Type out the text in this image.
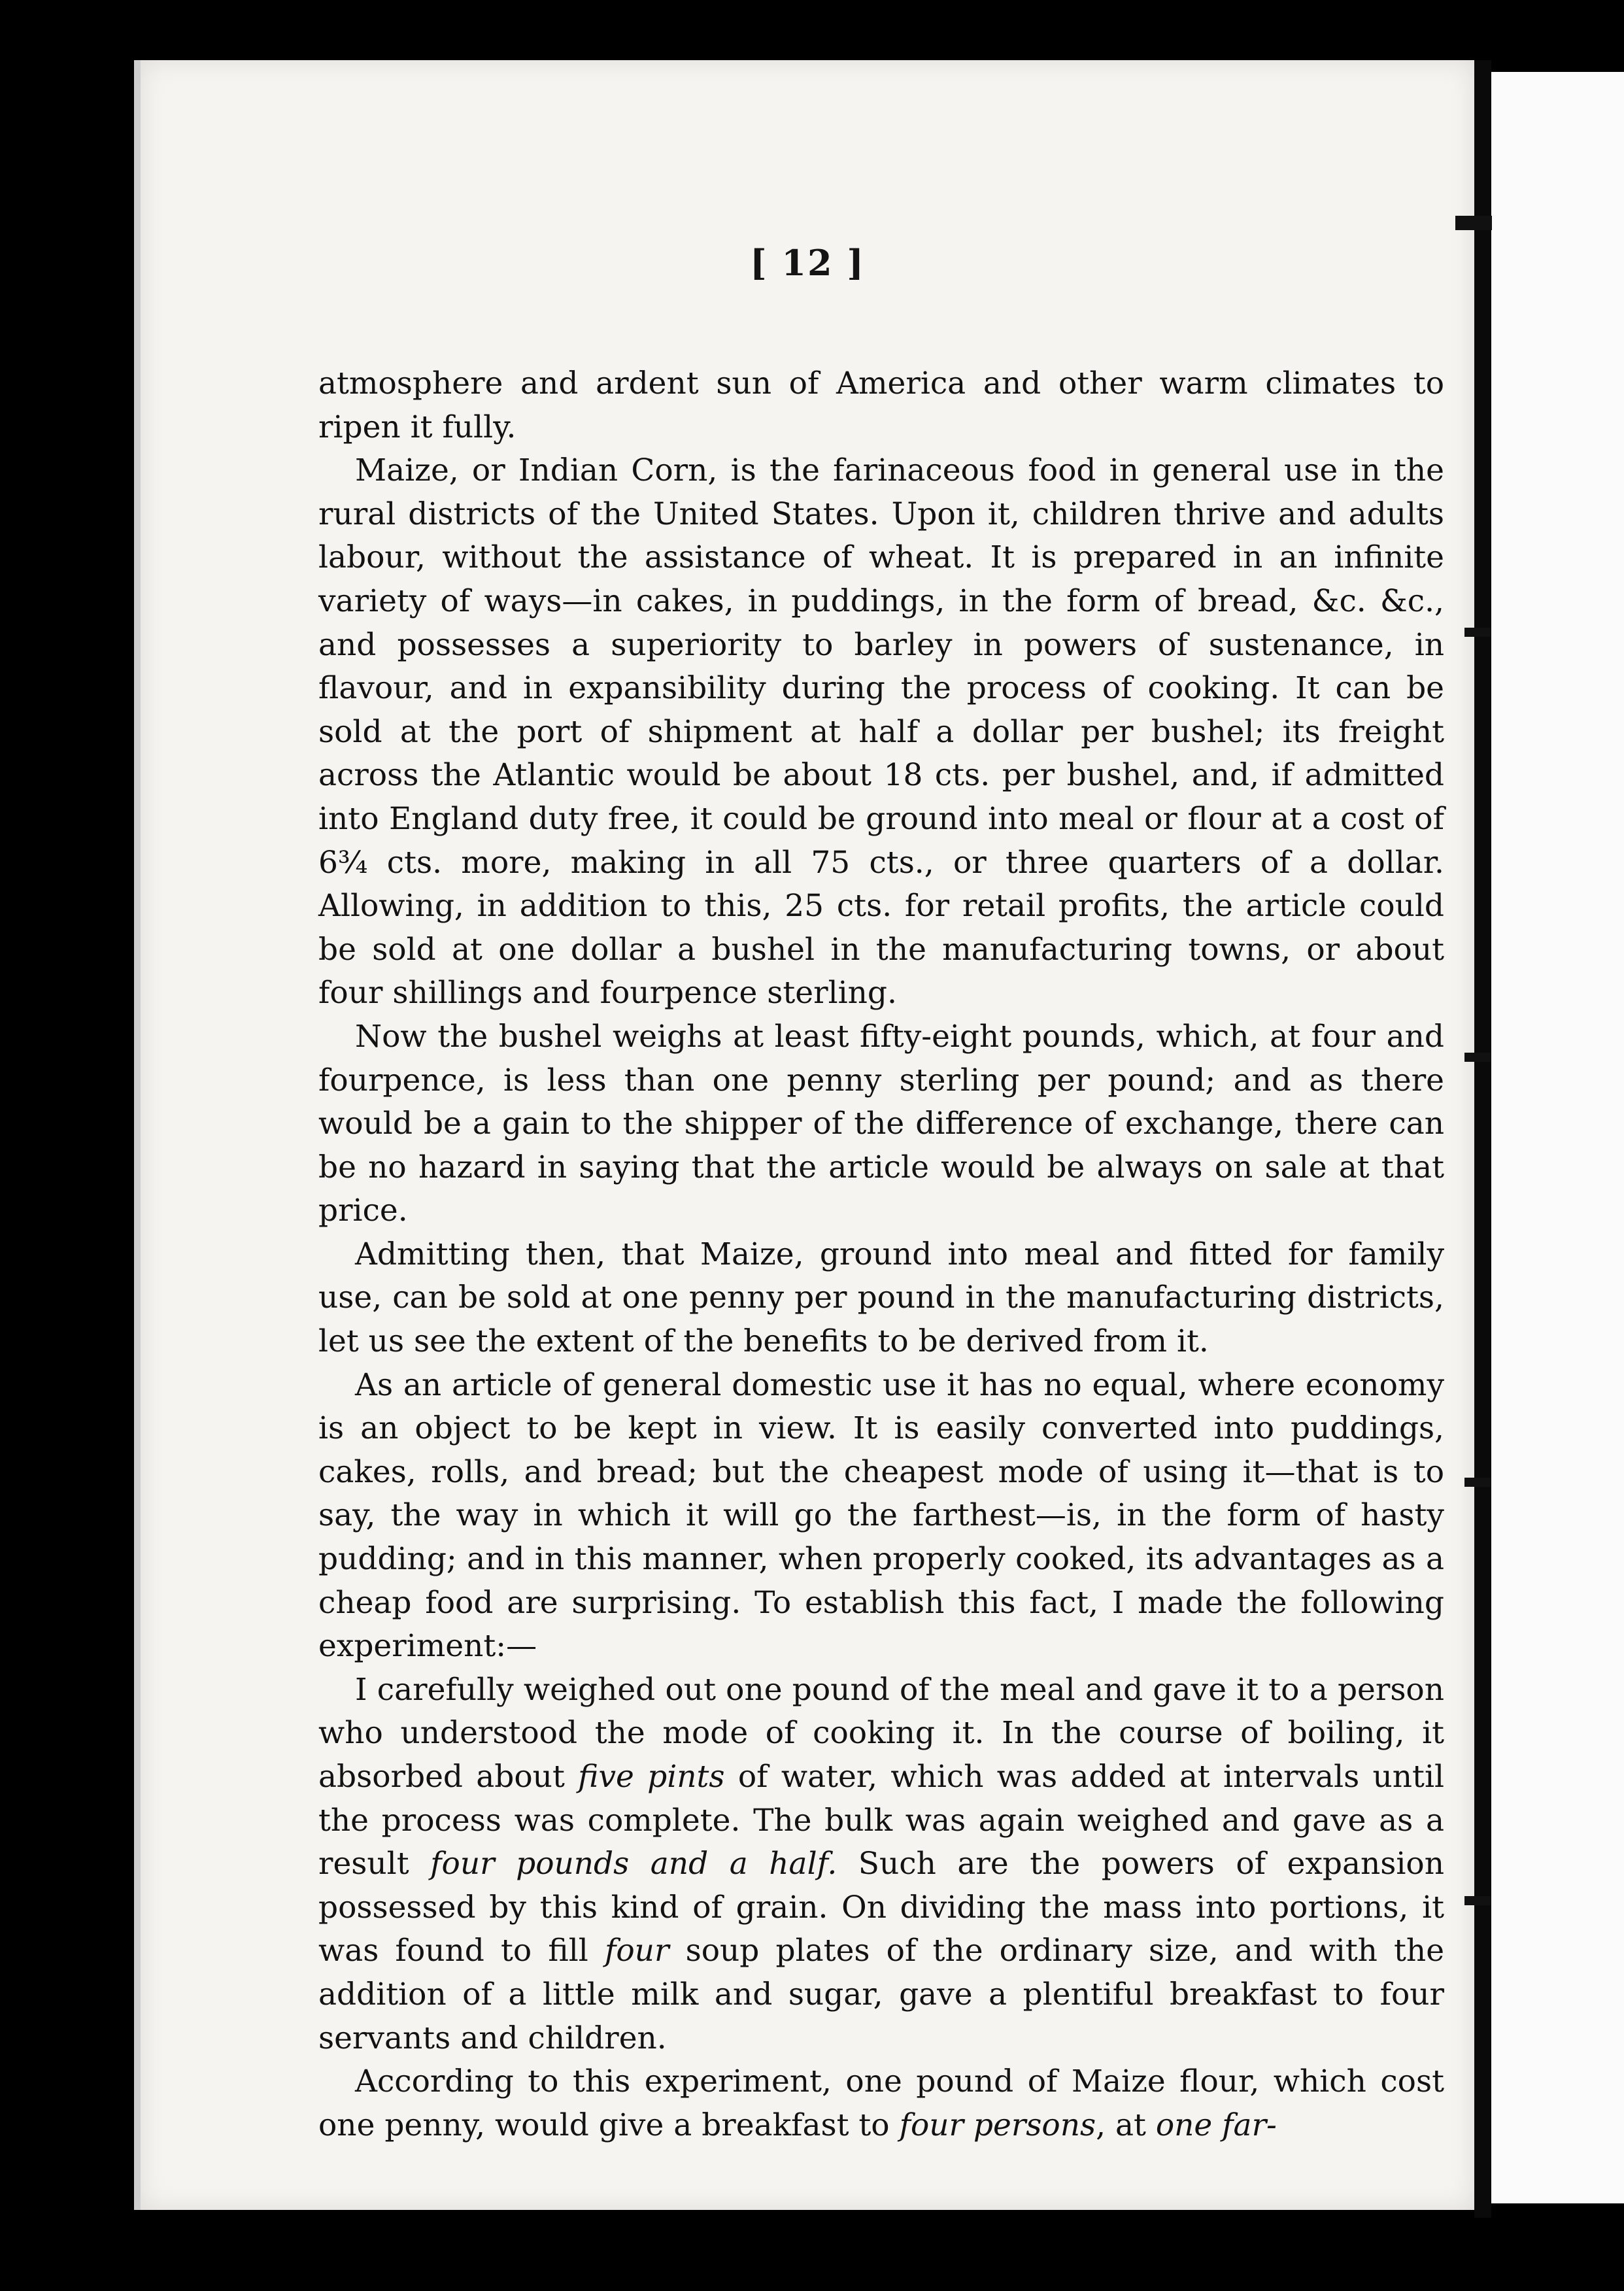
[ 12 ]

atmosphere and ardent sun of America and other warm climates to ripen it fully.

Maize, or Indian Corn, is the farinaceous food in general use in the rural districts of the United States. Upon it, children thrive and adults labour, without the assistance of wheat. It is prepared in an infinite variety of ways—in cakes, in puddings, in the form of bread, &c. &c., and possesses a superiority to barley in powers of sustenance, in flavour, and in expansibility during the process of cooking. It can be sold at the port of shipment at half a dollar per bushel; its freight across the Atlantic would be about 18 cts. per bushel, and, if admitted into England duty free, it could be ground into meal or flour at a cost of 6¾ cts. more, making in all 75 cts., or three quarters of a dollar. Allowing, in addition to this, 25 cts. for retail profits, the article could be sold at one dollar a bushel in the manufacturing towns, or about four shillings and fourpence sterling.

Now the bushel weighs at least fifty-eight pounds, which, at four and fourpence, is less than one penny sterling per pound; and as there would be a gain to the shipper of the difference of exchange, there can be no hazard in saying that the article would be always on sale at that price.

Admitting then, that Maize, ground into meal and fitted for family use, can be sold at one penny per pound in the manufacturing districts, let us see the extent of the benefits to be derived from it.

As an article of general domestic use it has no equal, where economy is an object to be kept in view. It is easily converted into puddings, cakes, rolls, and bread; but the cheapest mode of using it—that is to say, the way in which it will go the farthest—is, in the form of hasty pudding; and in this manner, when properly cooked, its advantages as a cheap food are surprising. To establish this fact, I made the following experiment:—

I carefully weighed out one pound of the meal and gave it to a person who understood the mode of cooking it. In the course of boiling, it absorbed about five pints of water, which was added at intervals until the process was complete. The bulk was again weighed and gave as a result four pounds and a half. Such are the powers of expansion possessed by this kind of grain. On dividing the mass into portions, it was found to fill four soup plates of the ordinary size, and with the addition of a little milk and sugar, gave a plentiful breakfast to four servants and children.

According to this experiment, one pound of Maize flour, which cost one penny, would give a breakfast to four persons, at one far-
